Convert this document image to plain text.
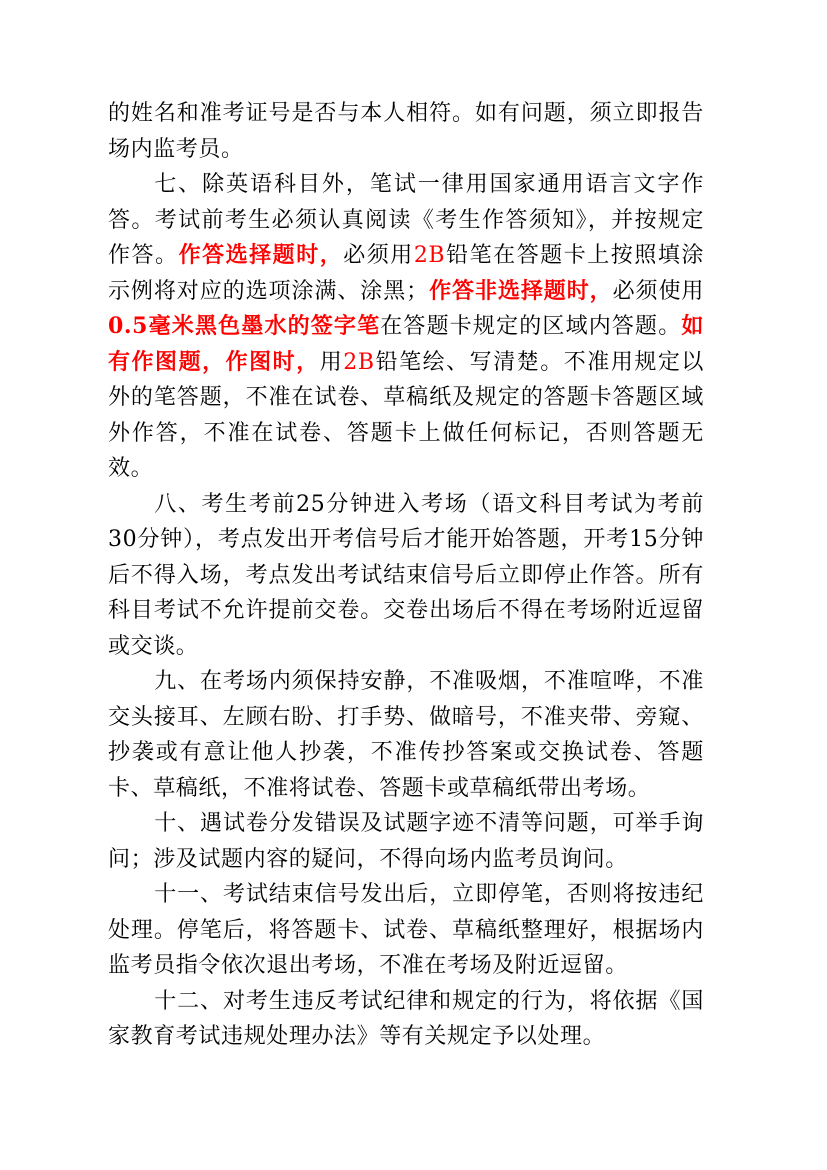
的姓名和准考证号是否与本人相符。如有问题，须立即报告场内监考员。

七、除英语科目外，笔试一律用国家通用语言文字作答。考试前考生必须认真阅读《考生作答须知》，并按规定作答。作答选择题时，必须用2B铅笔在答题卡上按照填涂示例将对应的选项涂满、涂黑；作答非选择题时，必须使用0.5毫米黑色墨水的签字笔在答题卡规定的区域内答题。如有作图题，作图时，用2B铅笔绘、写清楚。不准用规定以外的笔答题，不准在试卷、草稿纸及规定的答题卡答题区域外作答，不准在试卷、答题卡上做任何标记，否则答题无效。

八、考生考前25分钟进入考场（语文科目考试为考前30分钟），考点发出开考信号后才能开始答题，开考15分钟后不得入场，考点发出考试结束信号后立即停止作答。所有科目考试不允许提前交卷。交卷出场后不得在考场附近逗留或交谈。

九、在考场内须保持安静，不准吸烟，不准喧哗，不准交头接耳、左顾右盼、打手势、做暗号，不准夹带、旁窥、抄袭或有意让他人抄袭，不准传抄答案或交换试卷、答题卡、草稿纸，不准将试卷、答题卡或草稿纸带出考场。

十、遇试卷分发错误及试题字迹不清等问题，可举手询问；涉及试题内容的疑问，不得向场内监考员询问。

十一、考试结束信号发出后，立即停笔，否则将按违纪处理。停笔后，将答题卡、试卷、草稿纸整理好，根据场内监考员指令依次退出考场，不准在考场及附近逗留。

十二、对考生违反考试纪律和规定的行为，将依据《国家教育考试违规处理办法》等有关规定予以处理。
